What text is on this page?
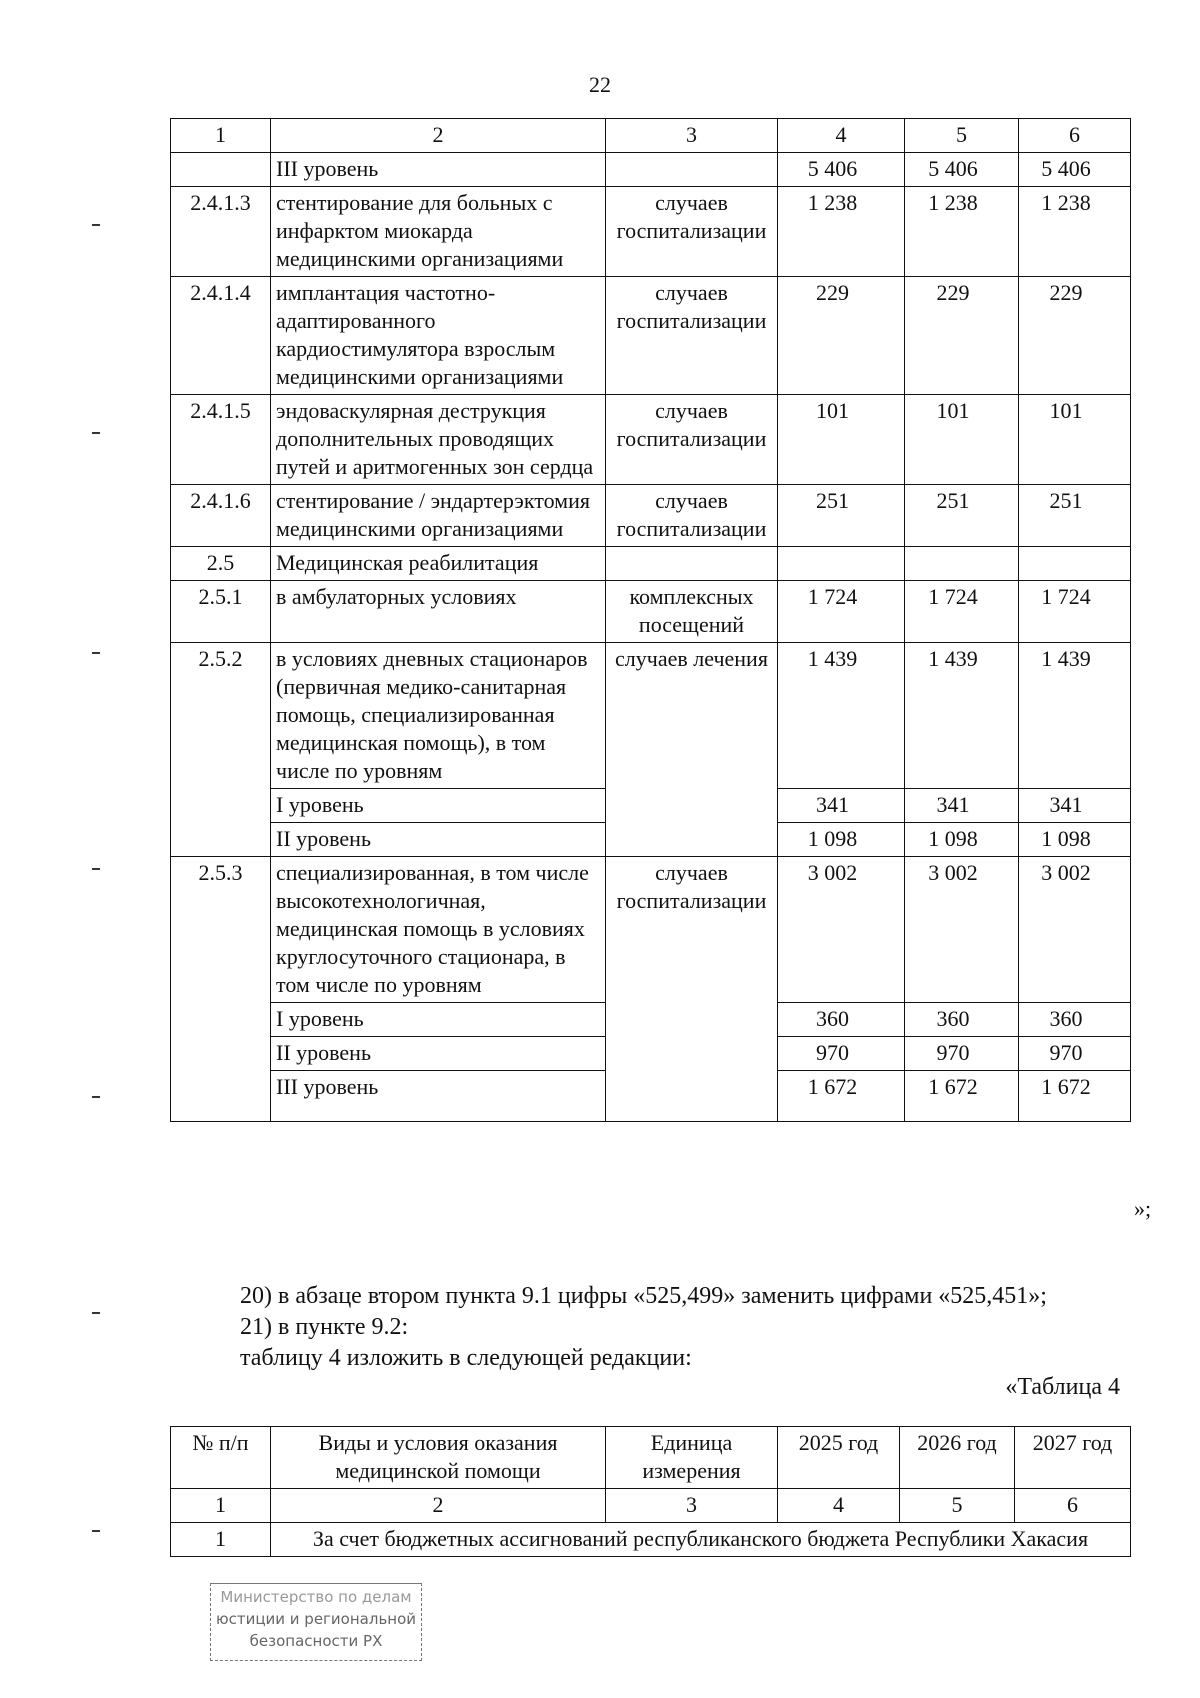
22
1	2	3	4	5	6
	III уровень		5 406	5 406	5 406
2.4.1.3	стентирование для больных с инфарктом миокарда медицинскими организациями	случаев госпитализации	1 238	1 238	1 238
2.4.1.4	имплантация частотно-адаптированного кардиостимулятора взрослым медицинскими организациями	случаев госпитализации	229	229	229
2.4.1.5	эндоваскулярная деструкция дополнительных проводящих путей и аритмогенных зон сердца	случаев госпитализации	101	101	101
2.4.1.6	стентирование / эндартерэктомия медицинскими организациями	случаев госпитализации	251	251	251
2.5	Медицинская реабилитация				
2.5.1	в амбулаторных условиях	комплексных посещений	1 724	1 724	1 724
2.5.2	в условиях дневных стационаров (первичная медико-санитарная помощь, специализированная медицинская помощь), в том числе по уровням	случаев лечения	1 439	1 439	1 439
	I уровень		341	341	341
	II уровень		1 098	1 098	1 098
2.5.3	специализированная, в том числе высокотехнологичная, медицинская помощь в условиях круглосуточного стационара, в том числе по уровням	случаев госпитализации	3 002	3 002	3 002
	I уровень		360	360	360
	II уровень		970	970	970
	III уровень		1 672	1 672	1 672
»;
20) в абзаце втором пункта 9.1 цифры «525,499» заменить цифрами «525,451»;
21) в пункте 9.2:
таблицу 4 изложить в следующей редакции:
«Таблица 4
№ п/п	Виды и условия оказания медицинской помощи	Единица измерения	2025 год	2026 год	2027 год
1	2	3	4	5	6
1	За счет бюджетных ассигнований республиканского бюджета Республики Хакасия				
Министерство по делам
юстиции и региональной
безопасности РХ
